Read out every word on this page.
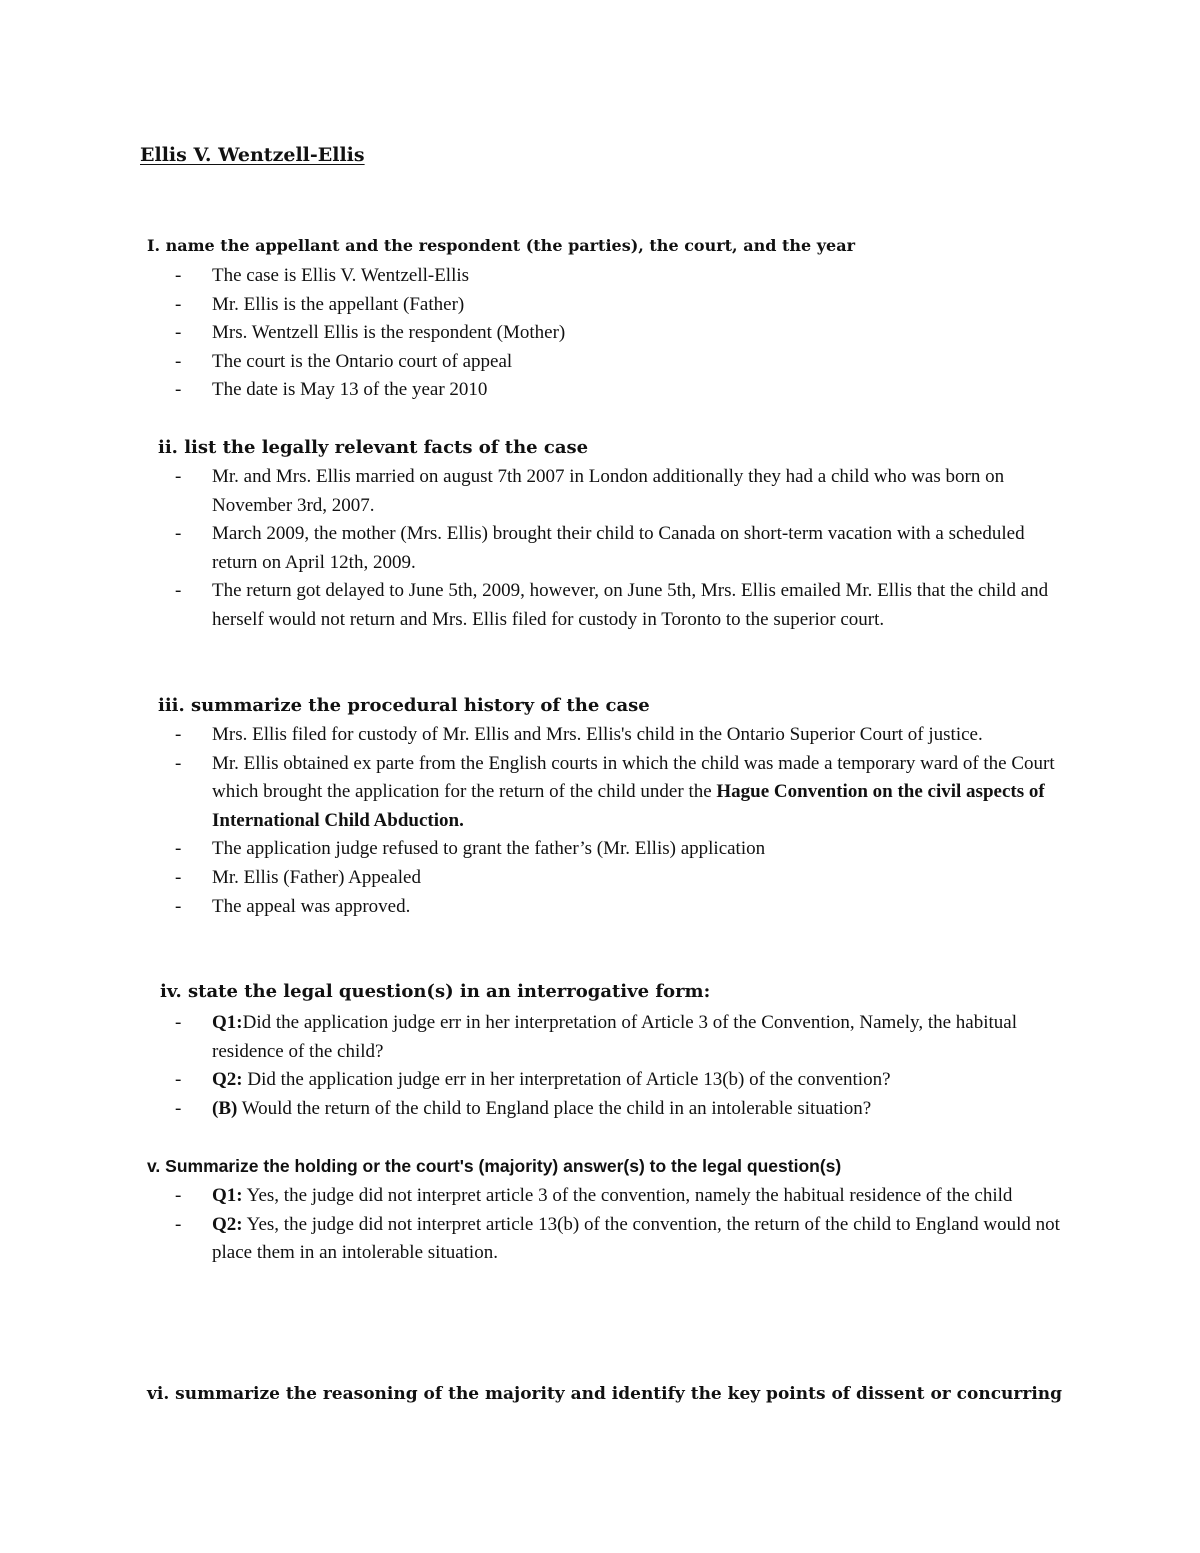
Ellis V. Wentzell-Ellis
I. name the appellant and the respondent (the parties), the court, and the year
- The case is Ellis V. Wentzell-Ellis
- Mr. Ellis is the appellant (Father)
- Mrs. Wentzell Ellis is the respondent (Mother)
- The court is the Ontario court of appeal
- The date is May 13 of the year 2010
ii. list the legally relevant facts of the case
- Mr. and Mrs. Ellis married on august 7th 2007 in London additionally they had a child who was born on November 3rd, 2007.
- March 2009, the mother (Mrs. Ellis) brought their child to Canada on short-term vacation with a scheduled return on April 12th, 2009.
- The return got delayed to June 5th, 2009, however, on June 5th, Mrs. Ellis emailed Mr. Ellis that the child and herself would not return and Mrs. Ellis filed for custody in Toronto to the superior court.
iii. summarize the procedural history of the case
- Mrs. Ellis filed for custody of Mr. Ellis and Mrs. Ellis's child in the Ontario Superior Court of justice.
- Mr. Ellis obtained ex parte from the English courts in which the child was made a temporary ward of the Court which brought the application for the return of the child under the Hague Convention on the civil aspects of International Child Abduction.
- The application judge refused to grant the father’s (Mr. Ellis) application
- Mr. Ellis (Father) Appealed
- The appeal was approved.
iv. state the legal question(s) in an interrogative form:
- Q1:Did the application judge err in her interpretation of Article 3 of the Convention, Namely, the habitual residence of the child?
- Q2: Did the application judge err in her interpretation of Article 13(b) of the convention?
- (B) Would the return of the child to England place the child in an intolerable situation?
v. Summarize the holding or the court's (majority) answer(s) to the legal question(s)
- Q1: Yes, the judge did not interpret article 3 of the convention, namely the habitual residence of the child
- Q2: Yes, the judge did not interpret article 13(b) of the convention, the return of the child to England would not place them in an intolerable situation.
vi. summarize the reasoning of the majority and identify the key points of dissent or concurring
